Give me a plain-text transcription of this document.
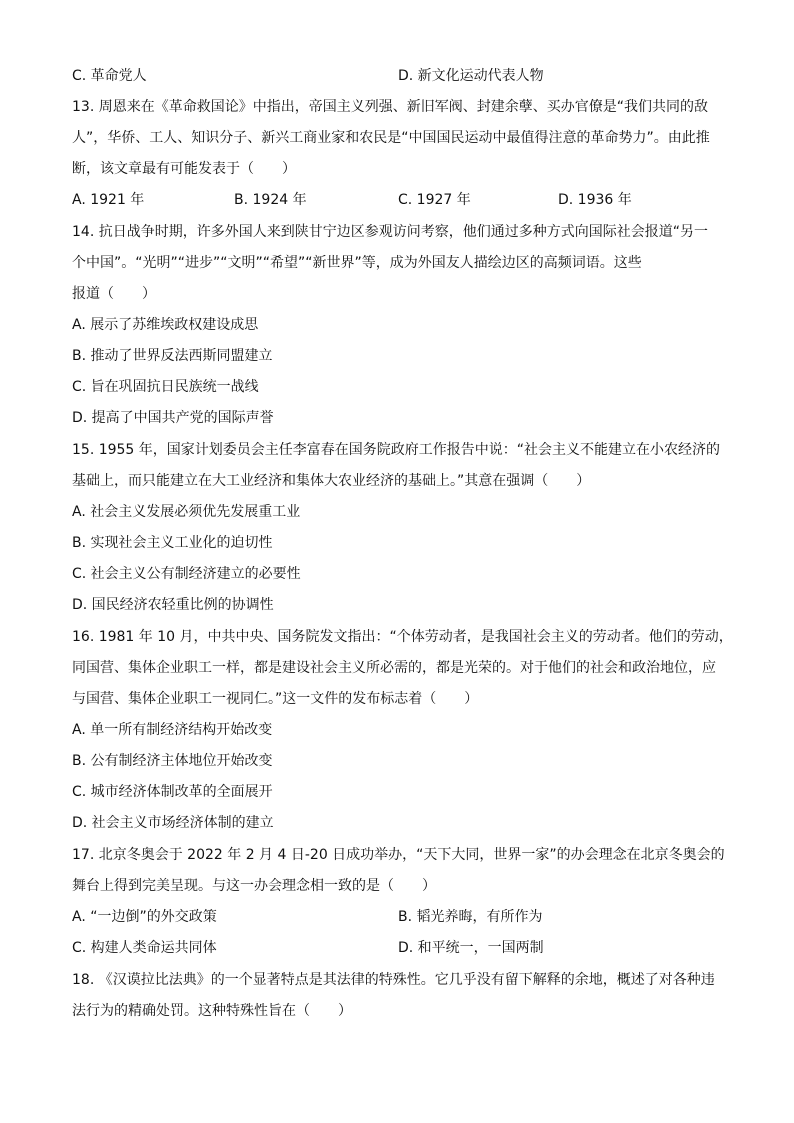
C. 革命党人	D. 新文化运动代表人物
13. 周恩来在《革命救国论》中指出，帝国主义列强、新旧军阀、封建余孽、买办官僚是“我们共同的敌
人”，华侨、工人、知识分子、新兴工商业家和农民是“中国国民运动中最值得注意的革命势力”。由此推
断，该文章最有可能发表于（　　）
A. 1921 年	B. 1924 年	C. 1927 年	D. 1936 年
14. 抗日战争时期，许多外国人来到陕甘宁边区参观访问考察，他们通过多种方式向国际社会报道“另一
个中国”。“光明”“进步”“文明”“希望”“新世界”等，成为外国友人描绘边区的高频词语。这些
报道（　　）
A. 展示了苏维埃政权建设成思
B. 推动了世界反法西斯同盟建立
C. 旨在巩固抗日民族统一战线
D. 提高了中国共产党的国际声誉
15. 1955 年，国家计划委员会主任李富春在国务院政府工作报告中说：“社会主义不能建立在小农经济的
基础上，而只能建立在大工业经济和集体大农业经济的基础上。”其意在强调（　　）
A. 社会主义发展必须优先发展重工业
B. 实现社会主义工业化的迫切性
C. 社会主义公有制经济建立的必要性
D. 国民经济农轻重比例的协调性
16. 1981 年 10 月，中共中央、国务院发文指出：“个体劳动者，是我国社会主义的劳动者。他们的劳动，
同国营、集体企业职工一样，都是建设社会主义所必需的，都是光荣的。对于他们的社会和政治地位，应
与国营、集体企业职工一视同仁。”这一文件的发布标志着（　　）
A. 单一所有制经济结构开始改变
B. 公有制经济主体地位开始改变
C. 城市经济体制改革的全面展开
D. 社会主义市场经济体制的建立
17. 北京冬奥会于 2022 年 2 月 4 日-20 日成功举办，“天下大同，世界一家”的办会理念在北京冬奥会的
舞台上得到完美呈现。与这一办会理念相一致的是（　　）
A. “一边倒”的外交政策	B. 韬光养晦，有所作为
C. 构建人类命运共同体	D. 和平统一，一国两制
18. 《汉谟拉比法典》的一个显著特点是其法律的特殊性。它几乎没有留下解释的余地，概述了对各种违
法行为的精确处罚。这种特殊性旨在（　　）
